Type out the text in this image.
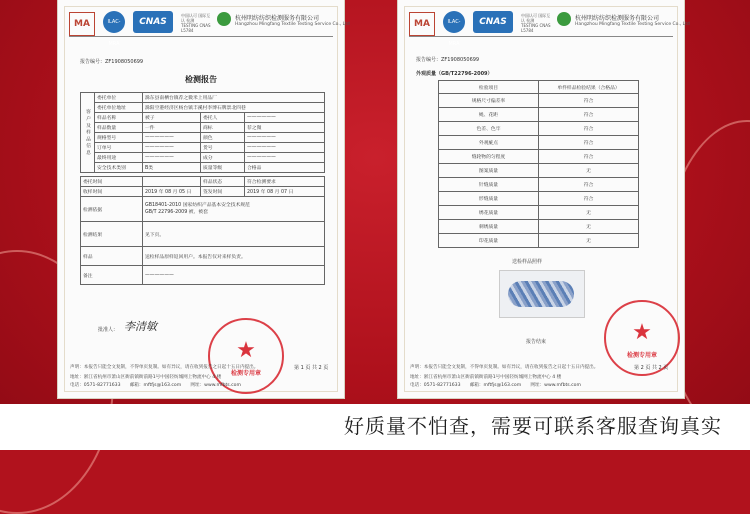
MA	ILAC-MRA
CNAS
中国认可 国际互认 检测 TESTING CNAS L5784
杭州明纺纺织检测服务有限公司
Hangzhou Mingfang Textile Testing Service Co., Ltd
报告编号：ZF1908050699
检测报告
客户及样品信息	委托单位	滁东县南栖台镇荐之微米上用品厂		
	委托单位地址	滁阳空港经济区杨台镇丰溪村李博石牌景北四巷		
	样品名称	被子	委托人	——————
	样品数量	一件	商标	荐之微
	规格型号	——————	颜色	——————
	订单号	——————	货号	——————
	最终用途	——————	成分	——————
	安全技术类别	B类	质量等级	合格品
委托时间		样品状态	符合检测要求
收样时间	2019 年 08 月 05 日	签发时间	2019 年 08 月 07 日
检测依据	GB18401-2010 国家纺织产品基本安全技术规范
GB/T 22796-2009 被、被套		

检测结果	见下页。		
样品	送检样品原样返回用户。本报告仅对来样负责。		
备注	——————		
批准人： 李清敏
★
检测专用章
声明：本报告只能全文复制，不得单页复制。如有异议，请在收到报告之日起十五日内提出。
地址：浙江省杭州市萧山区衙前镇衙前路1号中国轻纺城网上物流中心 4 楼
电话：0571-82771633　　邮箱：mftfjs@163.com　　网址：www.mfbts.com
第 1 页 共 2 页
MA	ILAC-MRA
CNAS
中国认可 国际互认 检测 TESTING CNAS L5784
杭州明纺纺织检测服务有限公司
Hangzhou Mingfang Textile Testing Service Co., Ltd
报告编号：ZF1908050699
外观质量（GB/T22796-2009）
检验项目	单件样品检验结果（合格品）
规格尺寸偏差率	符合
绳、花距	符合
色差、色牢	符合
外观疵点	符合
缝轮物的匀程度	符合
图案质量	无
针缝质量	符合
形缝质量	符合
绣花质量	无
刺绣质量	无
印花质量	无
送检样品照样
报告结束	★
检测专用章
声明：本报告只能全文复制，不得单页复制。如有异议，请在收到报告之日起十五日内提出。
地址：浙江省杭州市萧山区衙前镇衙前路1号中国轻纺城网上物流中心 4 楼
电话：0571-82771633　　邮箱：mftfjs@163.com　　网址：www.mfbts.com
第 2 页 共 2 页
好质量不怕查，需要可联系客服查询真实
